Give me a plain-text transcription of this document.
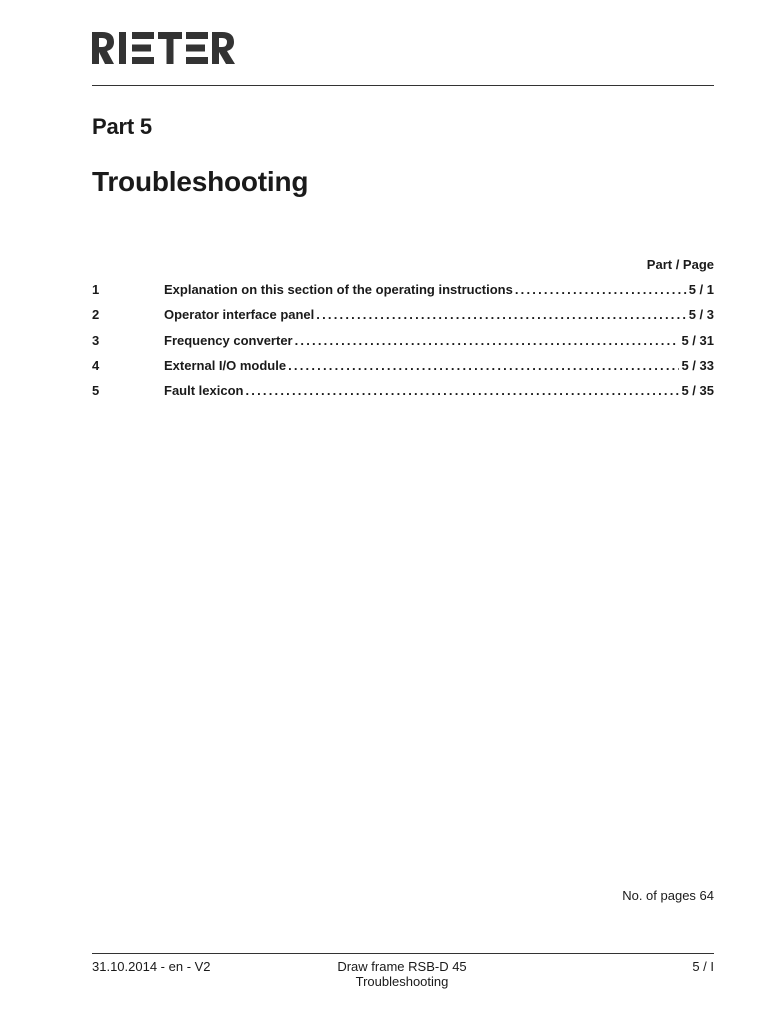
Part 5
Troubleshooting
Part / Page
1	Explanation on this section of the operating instructions .....	5 / 1
2	Operator interface panel .....	5 / 3
3	Frequency converter .....	5 / 31
4	External I/O module .....	5 / 33
5	Fault lexicon .....	5 / 35
No. of pages 64
31.10.2014 - en - V2	Draw frame RSB-D 45
Troubleshooting
5 / I
